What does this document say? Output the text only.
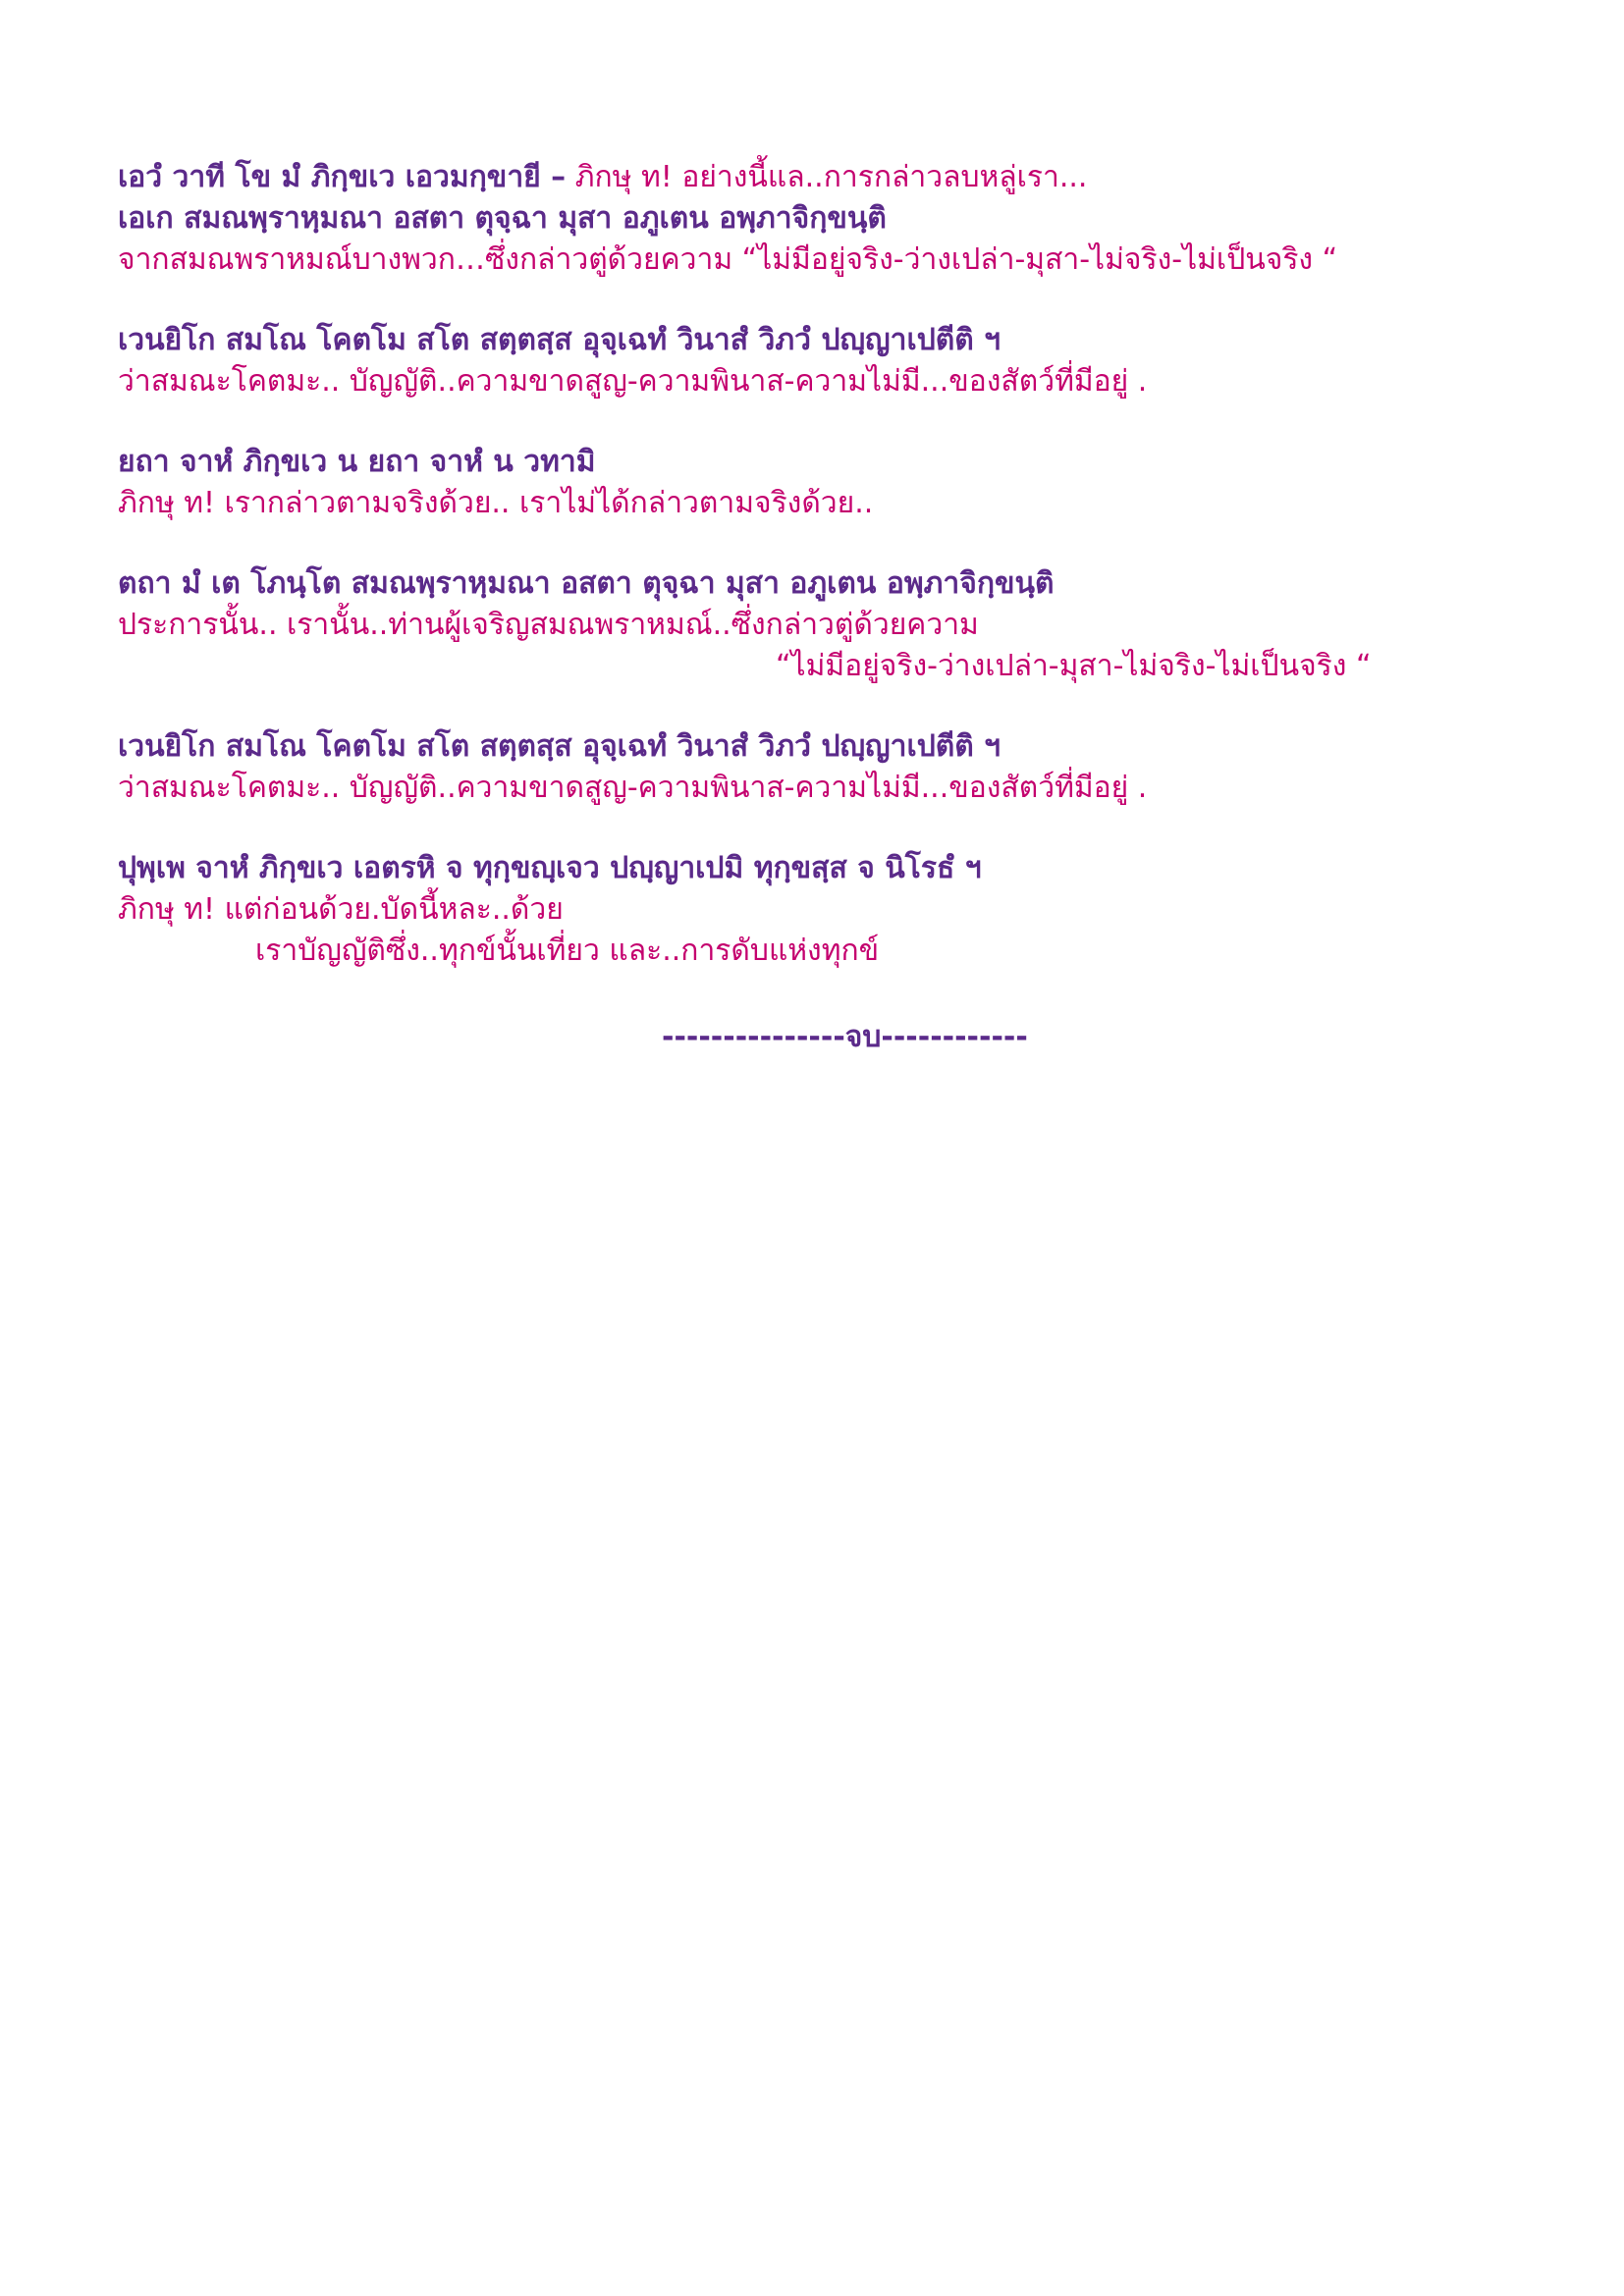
เอวํ วาที โข มํ ภิกฺขเว เอวมกฺขายี – ภิกษุ ท! อย่างนี้แล..การกล่าวลบหลู่เรา...
เอเก สมณพฺราหฺมณา อสตา ตุจฺฉา มุสา อภูเตน อพฺภาจิกฺขนฺติ
จากสมณพราหมณ์บางพวก…ซึ่งกล่าวตู่ด้วยความ “ไม่มีอยู่จริง-ว่างเปล่า-มุสา-ไม่จริง-ไม่เป็นจริง “
เวนยิโก สมโณ โคตโม สโต สตฺตสฺส อุจฺเฉทํ วินาสํ วิภวํ ปญฺญาเปตีติ ฯ
ว่าสมณะโคตมะ.. บัญญัติ..ความขาดสูญ-ความพินาส-ความไม่มี...ของสัตว์ที่มีอยู่ .
ยถา จาหํ ภิกฺขเว น ยถา จาหํ น วทามิ
ภิกษุ ท! เรากล่าวตามจริงด้วย.. เราไม่ได้กล่าวตามจริงด้วย..
ตถา มํ เต โภนฺโต สมณพฺราหฺมณา อสตา ตุจฺฉา มุสา อภูเตน อพฺภาจิกฺขนฺติ
ประการนั้น.. เรานั้น..ท่านผู้เจริญสมณพราหมณ์..ซึ่งกล่าวตู่ด้วยความ
“ไม่มีอยู่จริง-ว่างเปล่า-มุสา-ไม่จริง-ไม่เป็นจริง “
เวนยิโก สมโณ โคตโม สโต สตฺตสฺส อุจฺเฉทํ วินาสํ วิภวํ ปญฺญาเปตีติ ฯ
ว่าสมณะโคตมะ.. บัญญัติ..ความขาดสูญ-ความพินาส-ความไม่มี...ของสัตว์ที่มีอยู่ .
ปุพฺเพ จาหํ ภิกฺขเว เอตรหิ จ ทุกฺขญฺเจว ปญฺญาเปมิ ทุกฺขสฺส จ นิโรธํ ฯ
ภิกษุ ท! แต่ก่อนด้วย.บัดนี้หละ..ด้วย
เราบัญญัติซึ่ง..ทุกข์นั้นเที่ยว และ..การดับแห่งทุกข์
---------------จบ------------
